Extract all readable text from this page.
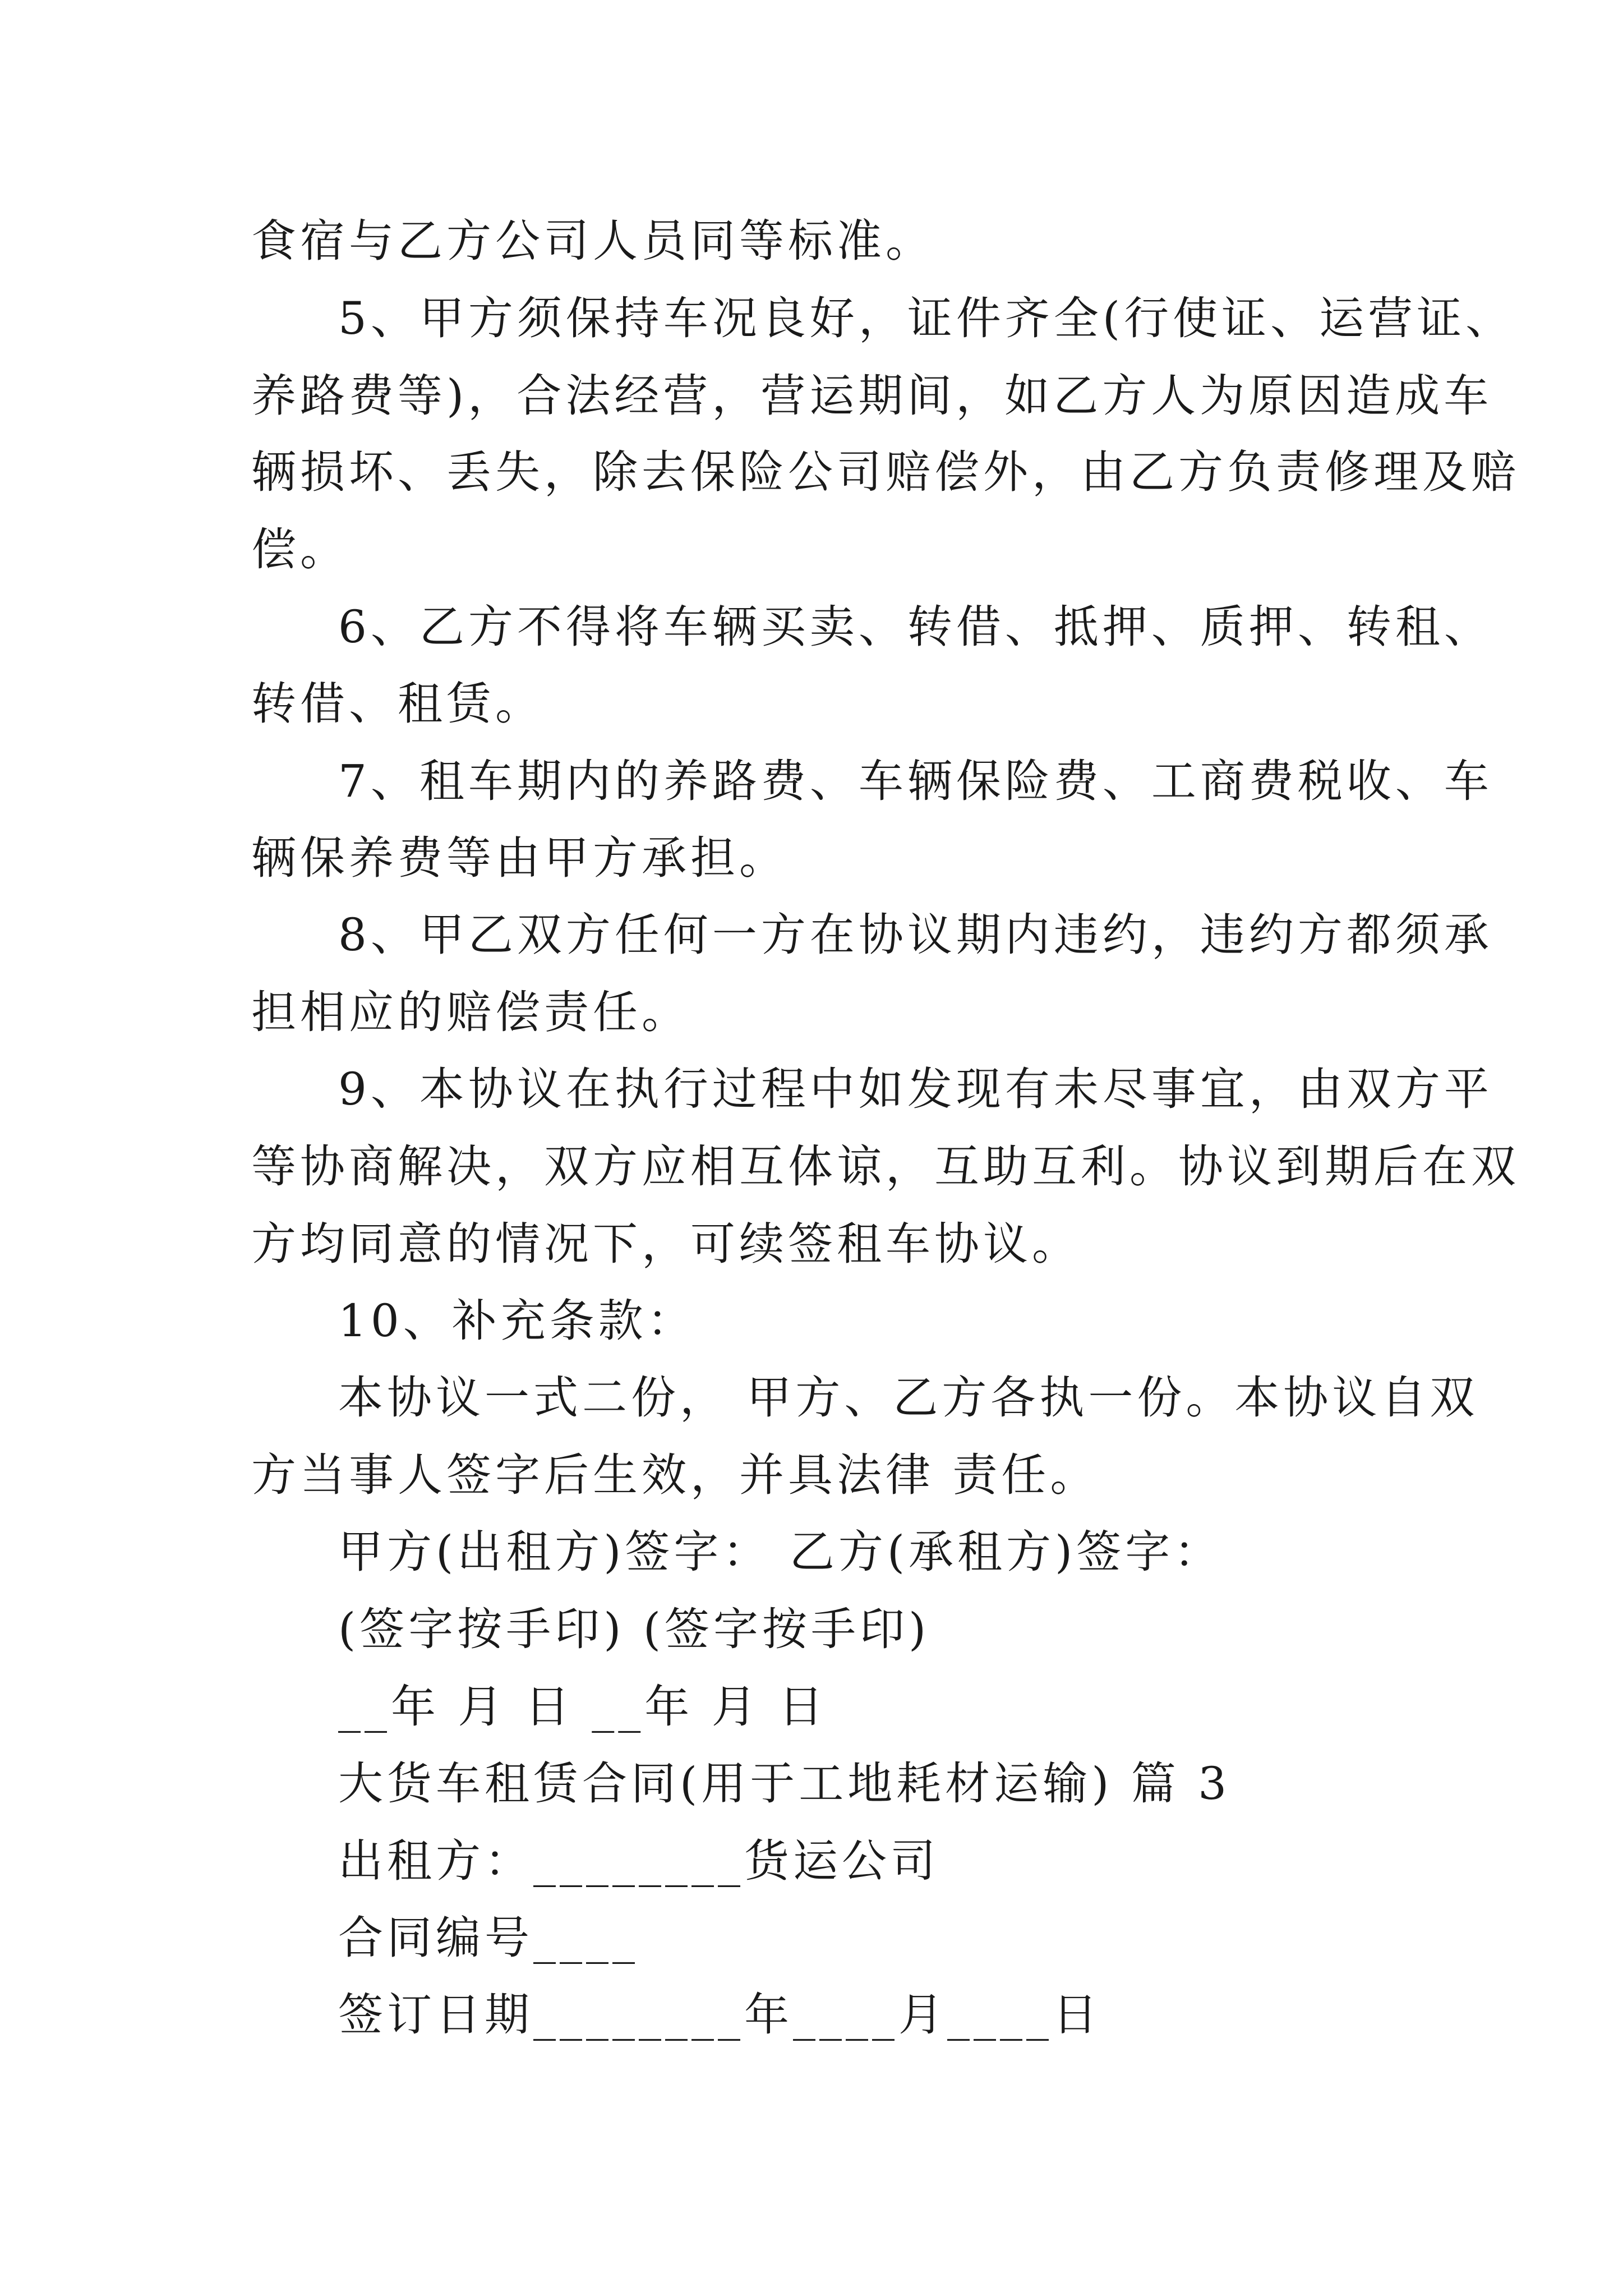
食宿与乙方公司人员同等标准。
5、甲方须保持车况良好，证件齐全(行使证、运营证、
养路费等)，合法经营，营运期间，如乙方人为原因造成车
辆损坏、丢失，除去保险公司赔偿外，由乙方负责修理及赔
偿。
6、乙方不得将车辆买卖、转借、抵押、质押、转租、
转借、租赁。
7、租车期内的养路费、车辆保险费、工商费税收、车
辆保养费等由甲方承担。
8、甲乙双方任何一方在协议期内违约，违约方都须承
担相应的赔偿责任。
9、本协议在执行过程中如发现有未尽事宜，由双方平
等协商解决，双方应相互体谅，互助互利。协议到期后在双
方均同意的情况下，可续签租车协议。
10、补充条款：
本协议一式二份， 甲方、乙方各执一份。本协议自双
方当事人签字后生效，并具法律 责任。
甲方(出租方)签字： 乙方(承租方)签字：
(签字按手印) (签字按手印)
__年 月 日 __年 月 日
大货车租赁合同(用于工地耗材运输) 篇 3
出租方：________货运公司
合同编号____
签订日期________年____月____日
